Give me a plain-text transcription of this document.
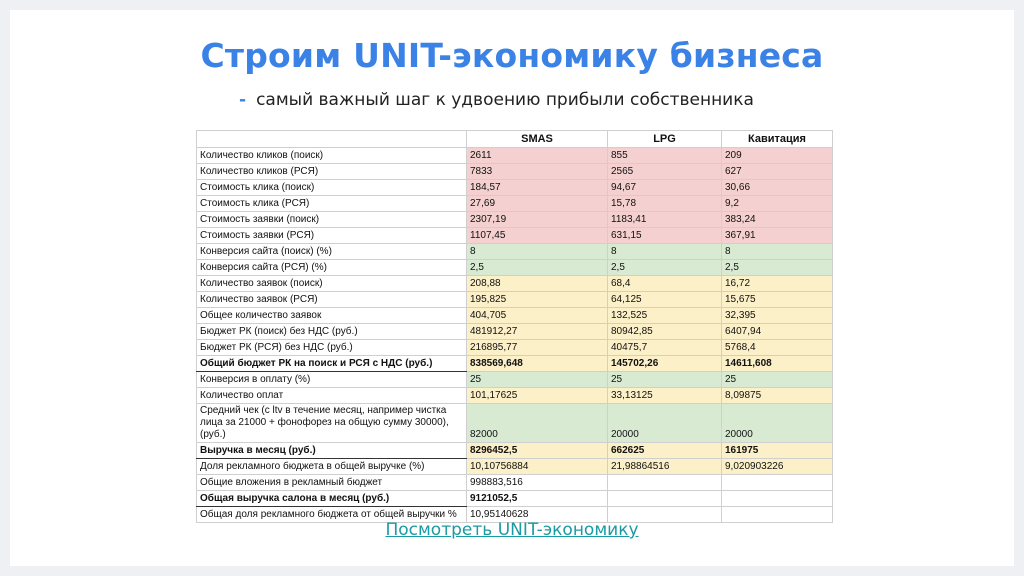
Строим UNIT-экономику бизнеса
- самый важный шаг к удвоению прибыли собственника
	SMAS	LPG	Кавитация
Количество кликов (поиск)	2611	855	209
Количество кликов (РСЯ)	7833	2565	627
Стоимость клика (поиск)	184,57	94,67	30,66
Стоимость клика (РСЯ)	27,69	15,78	9,2
Стоимость заявки (поиск)	2307,19	1183,41	383,24
Стоимость заявки (РСЯ)	1107,45	631,15	367,91
Конверсия сайта (поиск) (%)	8	8	8
Конверсия сайта (РСЯ) (%)	2,5	2,5	2,5
Количество заявок (поиск)	208,88	68,4	16,72
Количество заявок (РСЯ)	195,825	64,125	15,675
Общее количество заявок	404,705	132,525	32,395
Бюджет РК (поиск) без НДС (руб.)	481912,27	80942,85	6407,94
Бюджет РК (РСЯ) без НДС (руб.)	216895,77	40475,7	5768,4
Общий бюджет РК на поиск и РСЯ с НДС (руб.)	838569,648	145702,26	14611,608
Конверсия в оплату (%)	25	25	25
Количество оплат	101,17625	33,13125	8,09875
Средний чек (с ltv в течение месяц, например чистка лица за 21000 + фонофорез на общую сумму 30000), (руб.)	82000	20000	20000
Выручка в месяц (руб.)	8296452,5	662625	161975
Доля рекламного бюджета в общей выручке (%)	10,10756884	21,98864516	9,020903226
Общие вложения в рекламный бюджет	998883,516		
Общая выручка салона в месяц (руб.)	9121052,5		
Общая доля рекламного бюджета от общей выручки %	10,95140628		
Посмотреть UNIT-экономику
